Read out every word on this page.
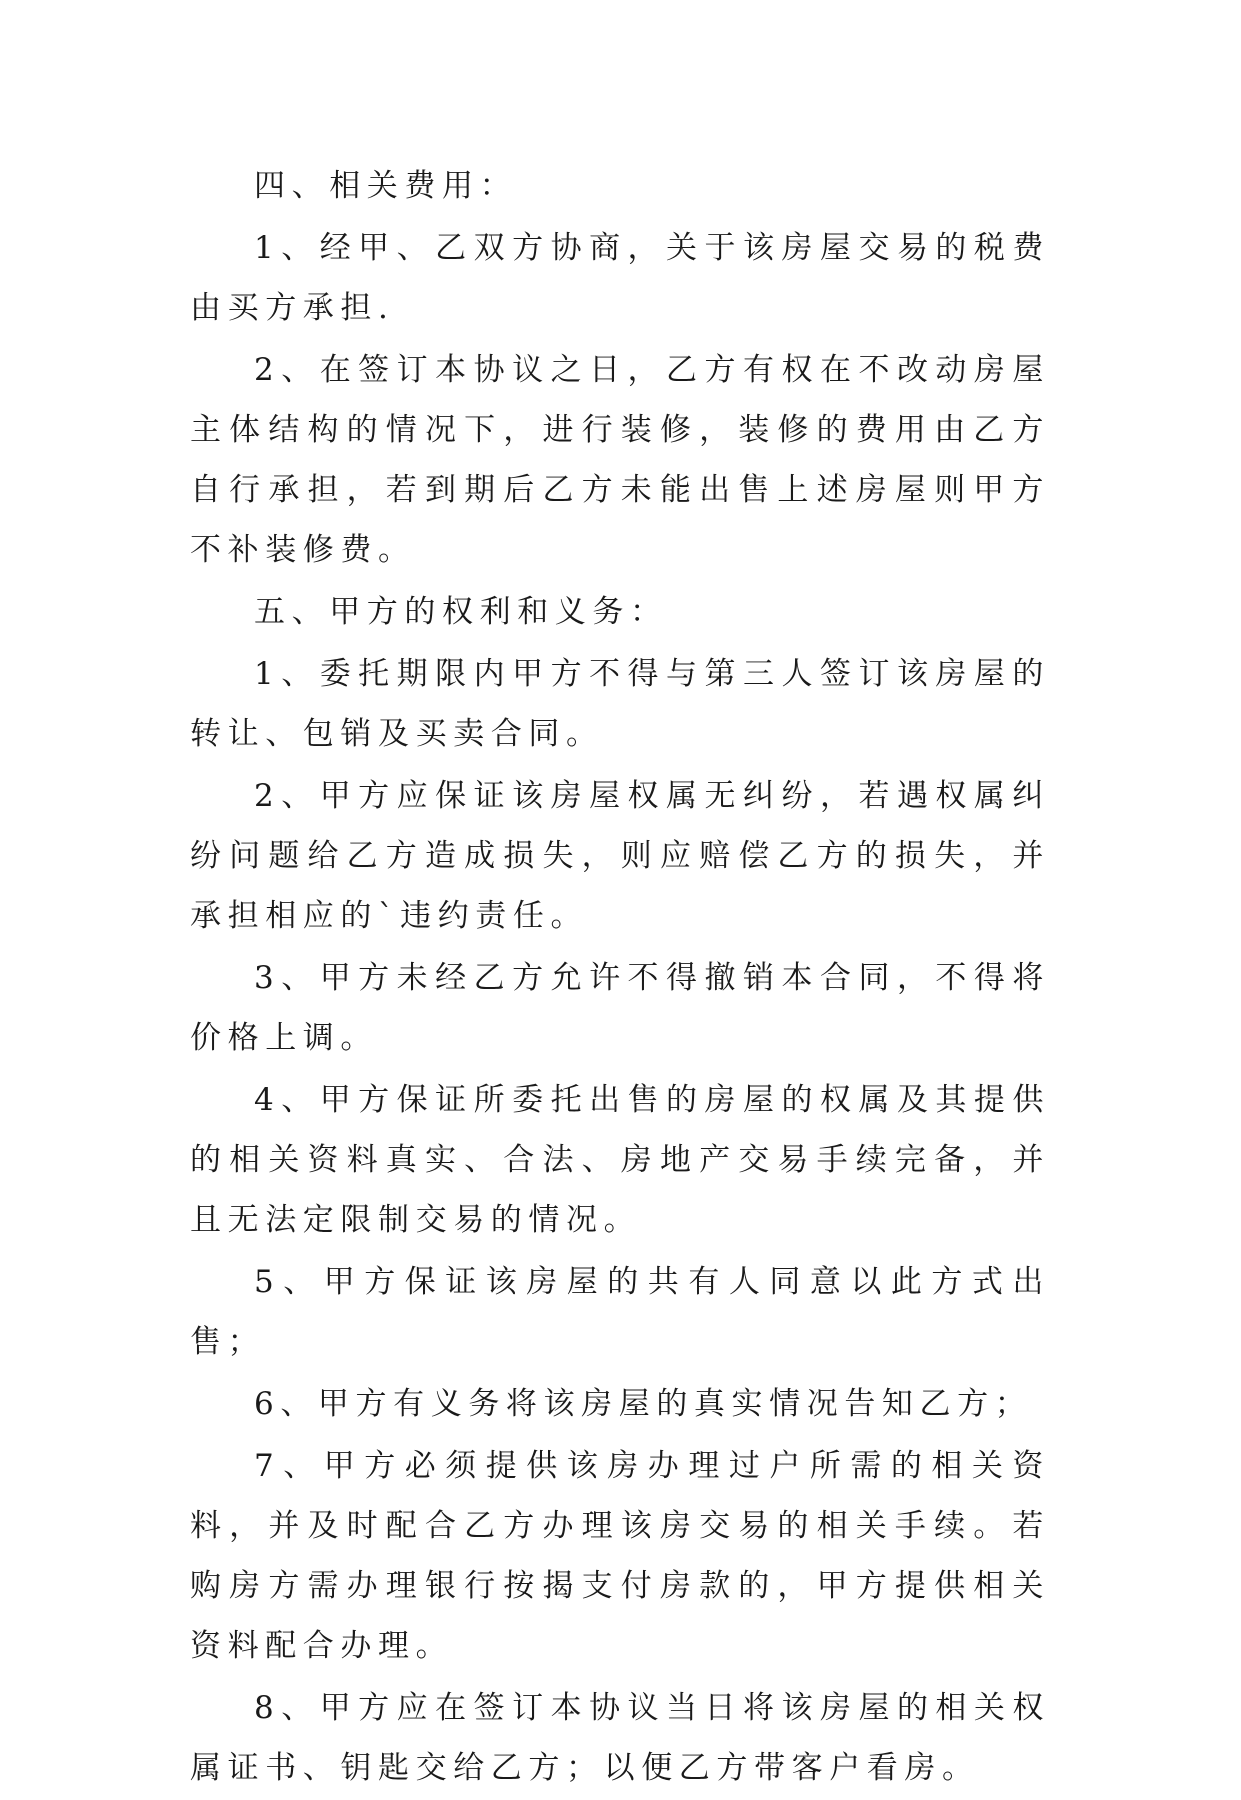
四、相关费用：

1、经甲、乙双方协商，关于该房屋交易的税费由买方承担.

2、在签订本协议之日，乙方有权在不改动房屋主体结构的情况下，进行装修，装修的费用由乙方自行承担，若到期后乙方未能出售上述房屋则甲方不补装修费。

五、甲方的权利和义务：

1、委托期限内甲方不得与第三人签订该房屋的转让、包销及买卖合同。

2、甲方应保证该房屋权属无纠纷，若遇权属纠纷问题给乙方造成损失，则应赔偿乙方的损失，并承担相应的`违约责任。

3、甲方未经乙方允许不得撤销本合同，不得将价格上调。

4、甲方保证所委托出售的房屋的权属及其提供的相关资料真实、合法、房地产交易手续完备，并且无法定限制交易的情况。

5、甲方保证该房屋的共有人同意以此方式出售；

6、甲方有义务将该房屋的真实情况告知乙方；

7、甲方必须提供该房办理过户所需的相关资料，并及时配合乙方办理该房交易的相关手续。若购房方需办理银行按揭支付房款的，甲方提供相关资料配合办理。

8、甲方应在签订本协议当日将该房屋的相关权属证书、钥匙交给乙方；以便乙方带客户看房。
